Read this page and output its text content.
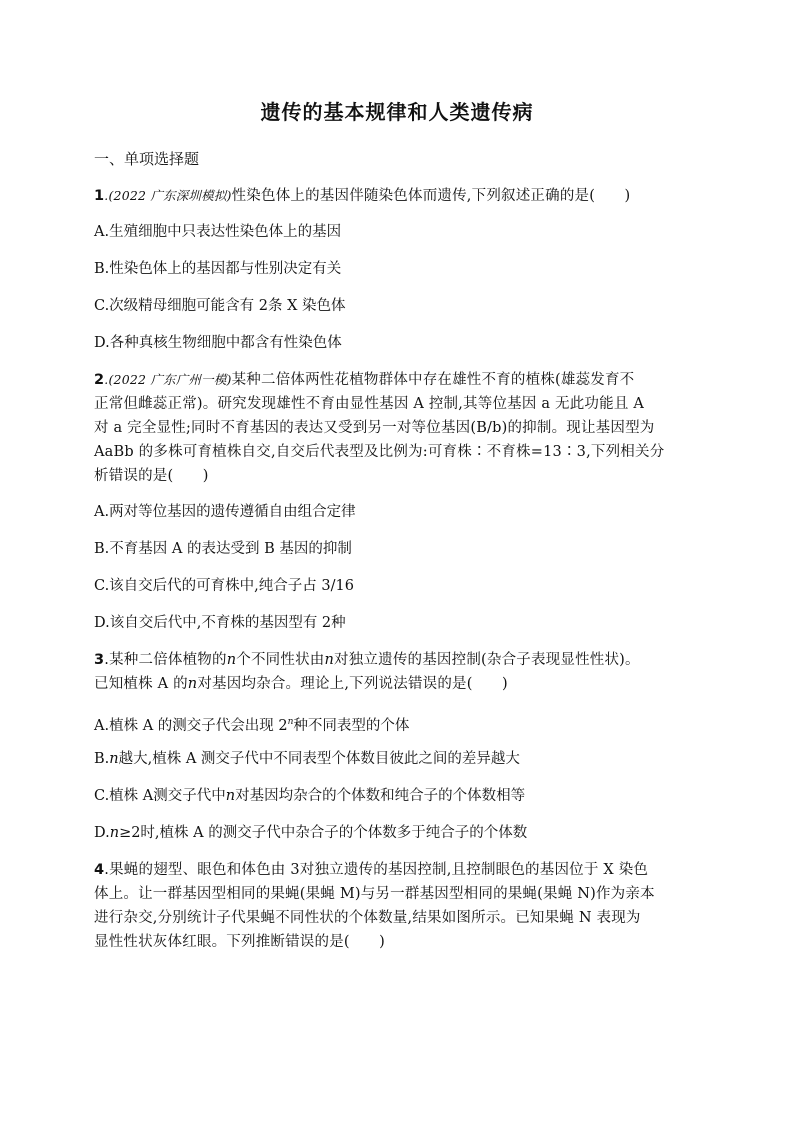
遗传的基本规律和人类遗传病
一、单项选择题
1.(2022 广东深圳模拟)性染色体上的基因伴随染色体而遗传,下列叙述正确的是(　　)
A.生殖细胞中只表达性染色体上的基因
B.性染色体上的基因都与性别决定有关
C.次级精母细胞可能含有 2条 X 染色体
D.各种真核生物细胞中都含有性染色体
2.(2022 广东广州一模)某种二倍体两性花植物群体中存在雄性不育的植株(雄蕊发育不
正常但雌蕊正常)。研究发现雄性不育由显性基因 A 控制,其等位基因 a 无此功能且 A
对 a 完全显性;同时不育基因的表达又受到另一对等位基因(B/b)的抑制。现让基因型为
AaBb 的多株可育植株自交,自交后代表型及比例为:可育株∶不育株=13∶3,下列相关分
析错误的是(　　)
A.两对等位基因的遗传遵循自由组合定律
B.不育基因 A 的表达受到 B 基因的抑制
C.该自交后代的可育株中,纯合子占 3/16
D.该自交后代中,不育株的基因型有 2种
3.某种二倍体植物的n个不同性状由n对独立遗传的基因控制(杂合子表现显性性状)。
已知植株 A 的n对基因均杂合。理论上,下列说法错误的是(　　)
A.植株 A 的测交子代会出现 2$^n$种不同表型的个体
B.n越大,植株 A 测交子代中不同表型个体数目彼此之间的差异越大
C.植株 A测交子代中n对基因均杂合的个体数和纯合子的个体数相等
D.n≥2时,植株 A 的测交子代中杂合子的个体数多于纯合子的个体数
4.果蝇的翅型、眼色和体色由 3对独立遗传的基因控制,且控制眼色的基因位于 X 染色
体上。让一群基因型相同的果蝇(果蝇 M)与另一群基因型相同的果蝇(果蝇 N)作为亲本
进行杂交,分别统计子代果蝇不同性状的个体数量,结果如图所示。已知果蝇 N 表现为
显性性状灰体红眼。下列推断错误的是(　　)
